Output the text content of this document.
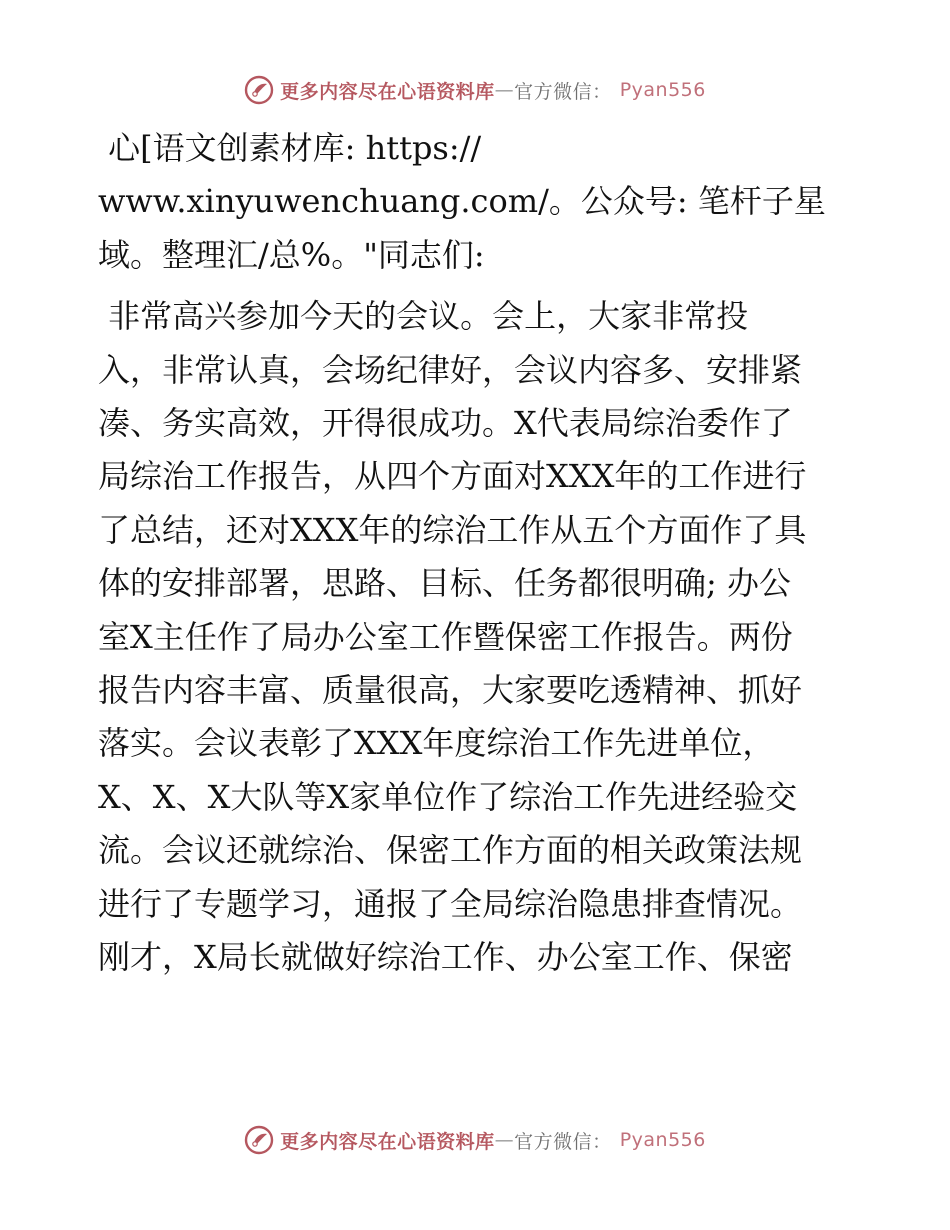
更多内容尽在心语资料库 — 官方微信： Pyan556

心[语文创素材库: https://
www.xinyuwenchuang.com/。公众号: 笔杆子星
域。整理汇/总%。"同志们:

非常高兴参加今天的会议。会上，大家非常投
入，非常认真，会场纪律好，会议内容多、安排紧
凑、务实高效，开得很成功。X代表局综治委作了
局综治工作报告，从四个方面对XXX年的工作进行
了总结，还对XXX年的综治工作从五个方面作了具
体的安排部署，思路、目标、任务都很明确; 办公
室X主任作了局办公室工作暨保密工作报告。两份
报告内容丰富、质量很高，大家要吃透精神、抓好
落实。会议表彰了XXX年度综治工作先进单位，
X、X、X大队等X家单位作了综治工作先进经验交
流。会议还就综治、保密工作方面的相关政策法规
进行了专题学习，通报了全局综治隐患排查情况。
刚才，X局长就做好综治工作、办公室工作、保密

更多内容尽在心语资料库 — 官方微信： Pyan556
